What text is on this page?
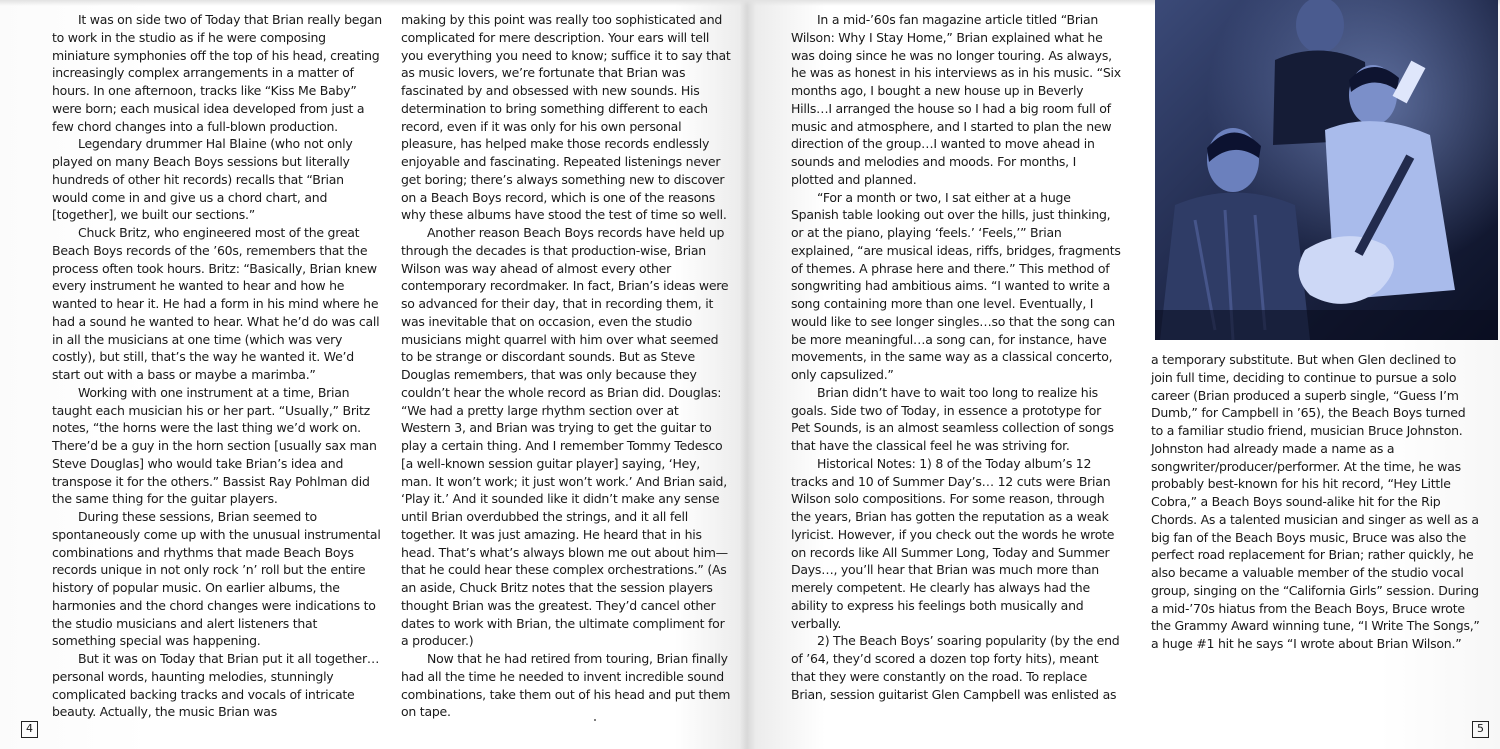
It was on side two of Today that Brian really began to work in the studio as if he were composing miniature symphonies off the top of his head, creating increasingly complex arrangements in a matter of hours. In one afternoon, tracks like “Kiss Me Baby” were born; each musical idea developed from just a few chord changes into a full-blown production.

Legendary drummer Hal Blaine (who not only played on many Beach Boys sessions but literally hundreds of other hit records) recalls that “Brian would come in and give us a chord chart, and [together], we built our sections.”

Chuck Britz, who engineered most of the great Beach Boys records of the ’60s, remembers that the process often took hours. Britz: “Basically, Brian knew every instrument he wanted to hear and how he wanted to hear it. He had a form in his mind where he had a sound he wanted to hear. What he’d do was call in all the musicians at one time (which was very costly), but still, that’s the way he wanted it. We’d start out with a bass or maybe a marimba.”

Working with one instrument at a time, Brian taught each musician his or her part. “Usually,” Britz notes, “the horns were the last thing we’d work on. There’d be a guy in the horn section [usually sax man Steve Douglas] who would take Brian’s idea and transpose it for the others.” Bassist Ray Pohlman did the same thing for the guitar players.

During these sessions, Brian seemed to spontaneously come up with the unusual instrumental combinations and rhythms that made Beach Boys records unique in not only rock ’n’ roll but the entire history of popular music. On earlier albums, the harmonies and the chord changes were indications to the studio musicians and alert listeners that something special was happening.

But it was on Today that Brian put it all together…personal words, haunting melodies, stunningly complicated backing tracks and vocals of intricate beauty. Actually, the music Brian was

making by this point was really too sophisticated and complicated for mere description. Your ears will tell you everything you need to know; suffice it to say that as music lovers, we’re fortunate that Brian was fascinated by and obsessed with new sounds. His determination to bring something different to each record, even if it was only for his own personal pleasure, has helped make those records endlessly enjoyable and fascinating. Repeated listenings never get boring; there’s always something new to discover on a Beach Boys record, which is one of the reasons why these albums have stood the test of time so well.

Another reason Beach Boys records have held up through the decades is that production-wise, Brian Wilson was way ahead of almost every other contemporary recordmaker. In fact, Brian’s ideas were so advanced for their day, that in recording them, it was inevitable that on occasion, even the studio musicians might quarrel with him over what seemed to be strange or discordant sounds. But as Steve Douglas remembers, that was only because they couldn’t hear the whole record as Brian did. Douglas: “We had a pretty large rhythm section over at Western 3, and Brian was trying to get the guitar to play a certain thing. And I remember Tommy Tedesco [a well-known session guitar player] saying, ‘Hey, man. It won’t work; it just won’t work.’ And Brian said, ‘Play it.’ And it sounded like it didn’t make any sense until Brian overdubbed the strings, and it all fell together. It was just amazing. He heard that in his head. That’s what’s always blown me out about him—that he could hear these complex orchestrations.” (As an aside, Chuck Britz notes that the session players thought Brian was the greatest. They’d cancel other dates to work with Brian, the ultimate compliment for a producer.)

Now that he had retired from touring, Brian finally had all the time he needed to invent incredible sound combinations, take them out of his head and put them on tape.

In a mid-’60s fan magazine article titled “Brian Wilson: Why I Stay Home,” Brian explained what he was doing since he was no longer touring. As always, he was as honest in his interviews as in his music. “Six months ago, I bought a new house up in Beverly Hills…I arranged the house so I had a big room full of music and atmosphere, and I started to plan the new direction of the group…I wanted to move ahead in sounds and melodies and moods. For months, I plotted and planned.

“For a month or two, I sat either at a huge Spanish table looking out over the hills, just thinking, or at the piano, playing ‘feels.’ ‘Feels,’” Brian explained, “are musical ideas, riffs, bridges, fragments of themes. A phrase here and there.” This method of songwriting had ambitious aims. “I wanted to write a song containing more than one level. Eventually, I would like to see longer singles…so that the song can be more meaningful…a song can, for instance, have movements, in the same way as a classical concerto, only capsulized.”

Brian didn’t have to wait too long to realize his goals. Side two of Today, in essence a prototype for Pet Sounds, is an almost seamless collection of songs that have the classical feel he was striving for.

Historical Notes: 1) 8 of the Today album’s 12 tracks and 10 of Summer Day’s… 12 cuts were Brian Wilson solo compositions. For some reason, through the years, Brian has gotten the reputation as a weak lyricist. However, if you check out the words he wrote on records like All Summer Long, Today and Summer Days…, you’ll hear that Brian was much more than merely competent. He clearly has always had the ability to express his feelings both musically and verbally.

2) The Beach Boys’ soaring popularity (by the end of ’64, they’d scored a dozen top forty hits), meant that they were constantly on the road. To replace Brian, session guitarist Glen Campbell was enlisted as

a temporary substitute. But when Glen declined to join full time, deciding to continue to pursue a solo career (Brian produced a superb single, “Guess I’m Dumb,” for Campbell in ’65), the Beach Boys turned to a familiar studio friend, musician Bruce Johnston. Johnston had already made a name as a songwriter/producer/performer. At the time, he was probably best-known for his hit record, “Hey Little Cobra,” a Beach Boys sound-alike hit for the Rip Chords. As a talented musician and singer as well as a big fan of the Beach Boys music, Bruce was also the perfect road replacement for Brian; rather quickly, he also became a valuable member of the studio vocal group, singing on the “California Girls” session. During a mid-’70s hiatus from the Beach Boys, Bruce wrote the Grammy Award winning tune, “I Write The Songs,” a huge #1 hit he says “I wrote about Brian Wilson.”

4	5
